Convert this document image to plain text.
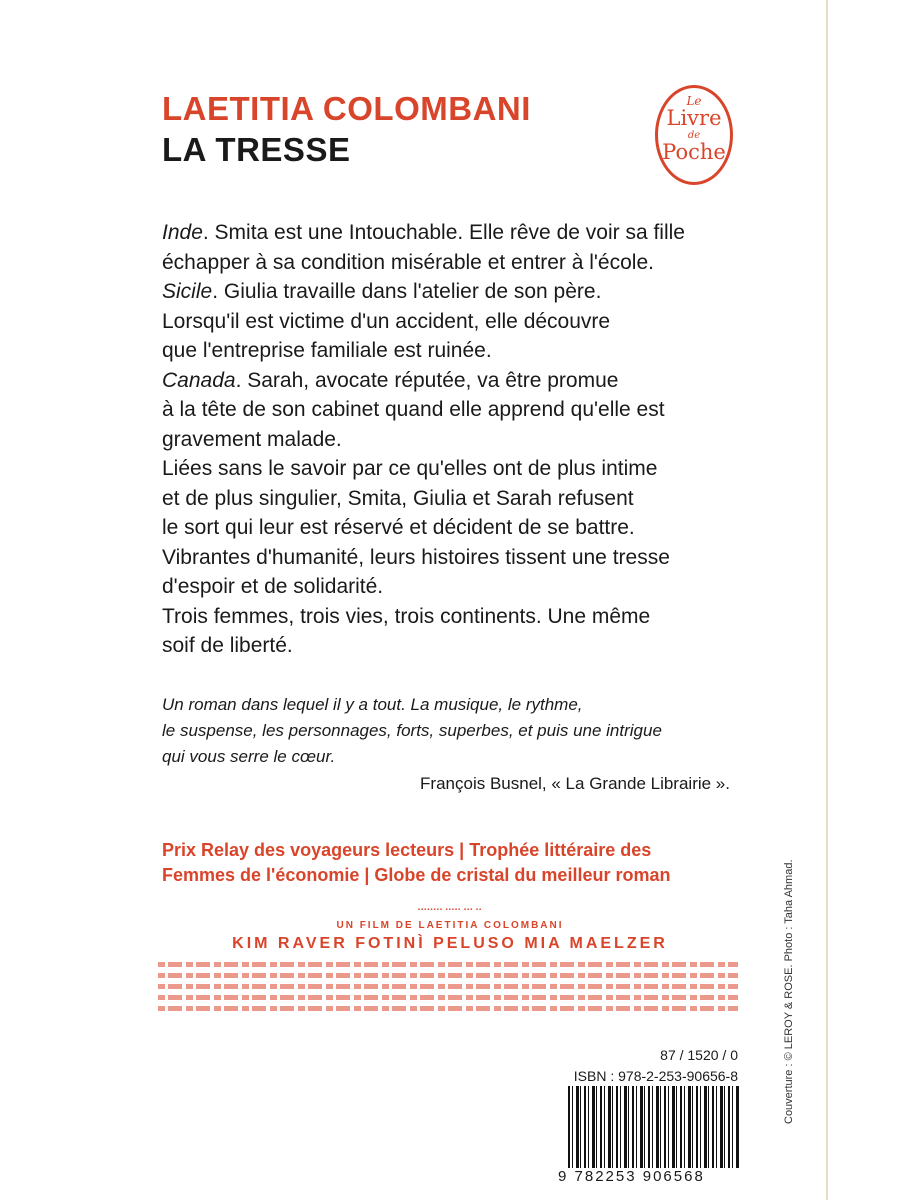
LAETITIA COLOMBANI
LA TRESSE
Le
Livre
de
Poche
Inde. Smita est une Intouchable. Elle rêve de voir sa fille
échapper à sa condition misérable et entrer à l'école.
Sicile. Giulia travaille dans l'atelier de son père.
Lorsqu'il est victime d'un accident, elle découvre
que l'entreprise familiale est ruinée.
Canada. Sarah, avocate réputée, va être promue
à la tête de son cabinet quand elle apprend qu'elle est
gravement malade.
Liées sans le savoir par ce qu'elles ont de plus intime
et de plus singulier, Smita, Giulia et Sarah refusent
le sort qui leur est réservé et décident de se battre.
Vibrantes d'humanité, leurs histoires tissent une tresse
d'espoir et de solidarité.
Trois femmes, trois vies, trois continents. Une même
soif de liberté.
Un roman dans lequel il y a tout. La musique, le rythme,
le suspense, les personnages, forts, superbes, et puis une intrigue
qui vous serre le cœur.
François Busnel, « La Grande Librairie ».
Prix Relay des voyageurs lecteurs | Trophée littéraire des
Femmes de l'économie | Globe de cristal du meilleur roman
▪▪▪▪▪▪▪▪ ▪▪▪▪▪ ▪▪▪ ▪▪
UN FILM DE LAETITIA COLOMBANI
KIM RAVER FOTINÌ PELUSO MIA MAELZER
87 / 1520 / 0
ISBN : 978-2-253-90656-8
9 782253 906568
Couverture : © LEROY & ROSE. Photo : Taha Ahmad.
